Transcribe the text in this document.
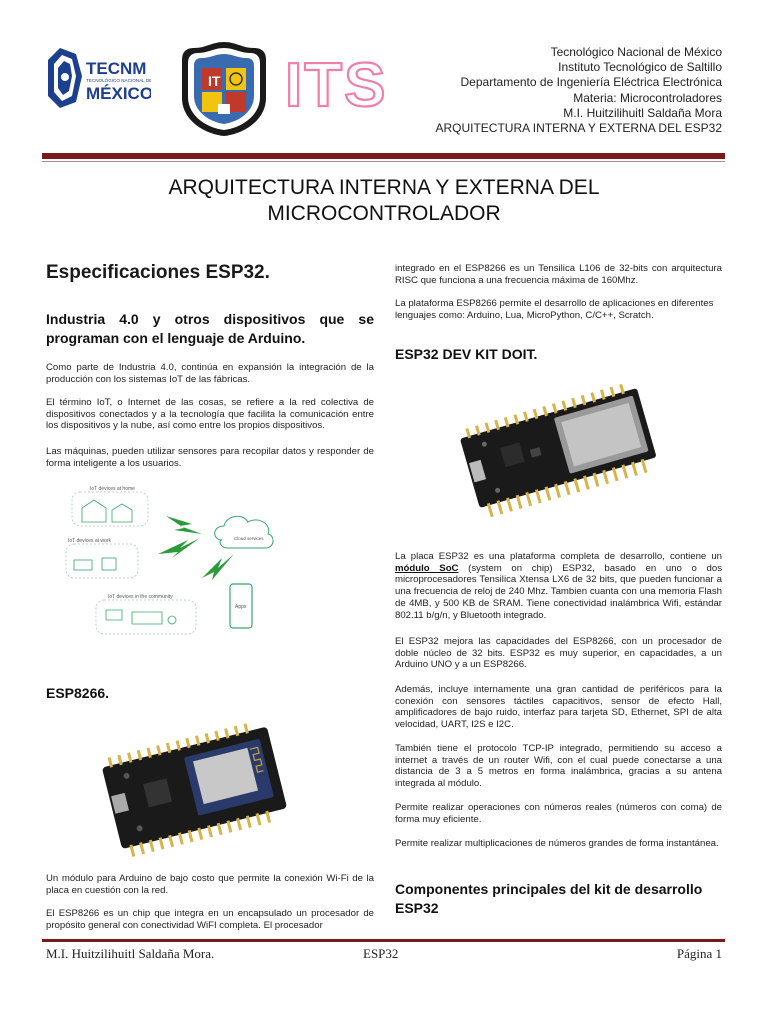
TECNM
TECNOLÓGICO NACIONAL DE
MÉXICO
IT ITS	Tecnológico Nacional de México
Instituto Tecnológico de Saltillo
Departamento de Ingeniería Eléctrica Electrónica
Materia: Microcontroladores
M.I. Huitzilihuitl Saldaña Mora
ARQUITECTURA INTERNA Y EXTERNA DEL ESP32
ARQUITECTURA INTERNA Y EXTERNA DEL
MICROCONTROLADOR
Especificaciones ESP32.
Industria 4.0 y otros dispositivos que se programan con el lenguaje de Arduino.
Como parte de Industria 4.0, continúa en expansión la integración de la producción con los sistemas IoT de las fábricas.
El término IoT, o Internet de las cosas, se refiere a la red colectiva de dispositivos conectados y a la tecnología que facilita la comunicación entre los dispositivos y la nube, así como entre los propios dispositivos.
Las máquinas, pueden utilizar sensores para recopilar datos y responder de forma inteligente a los usuarios.
IoT devices at home
IoT devices at work
IoT devices in the community
Cloud services
Apps
ESP8266.
Un módulo para Arduino de bajo costo que permite la conexión Wi-Fi de la placa en cuestión con la red.
El ESP8266 es un chip que integra en un encapsulado un procesador de propósito general con conectividad WiFI completa. El procesador
integrado en el ESP8266 es un Tensilica L106 de 32-bits con arquitectura RISC que funciona a una frecuencia máxima de 160Mhz.
La plataforma ESP8266 permite el desarrollo de aplicaciones en diferentes lenguajes como: Arduino, Lua, MicroPython, C/C++, Scratch.
ESP32 DEV KIT DOIT.
La placa ESP32 es una plataforma completa de desarrollo, contiene un módulo SoC (system on chip) ESP32, basado en uno o dos microprocesadores Tensilica Xtensa LX6 de 32 bits, que pueden funcionar a una frecuencia de reloj de 240 Mhz. Tambien cuanta con una memoria Flash de 4MB, y 500 KB de SRAM. Tiene conectividad inalámbrica Wifi, estándar 802.11 b/g/n, y Bluetooth integrado.
El ESP32 mejora las capacidades del ESP8266, con un procesador de doble núcleo de 32 bits. ESP32 es muy superior, en capacidades, a un Arduino UNO y a un ESP8266.
Además, incluye internamente una gran cantidad de periféricos para la conexión con sensores táctiles capacitivos, sensor de efecto Hall, amplificadores de bajo ruido, interfaz para tarjeta SD, Ethernet, SPI de alta velocidad, UART, I2S e I2C.
También tiene el protocolo TCP-IP integrado, permitiendo su acceso a internet a través de un router Wifi, con el cual puede conectarse a una distancia de 3 a 5 metros en forma inalámbrica, gracias a su antena integrada al módulo.
Permite realizar operaciones con números reales (números con coma) de forma muy eficiente.
Permite realizar multiplicaciones de números grandes de forma instantánea.
Componentes principales del kit de desarrollo ESP32
M.I. Huitzilihuitl Saldaña Mora.	ESP32	Página 1
